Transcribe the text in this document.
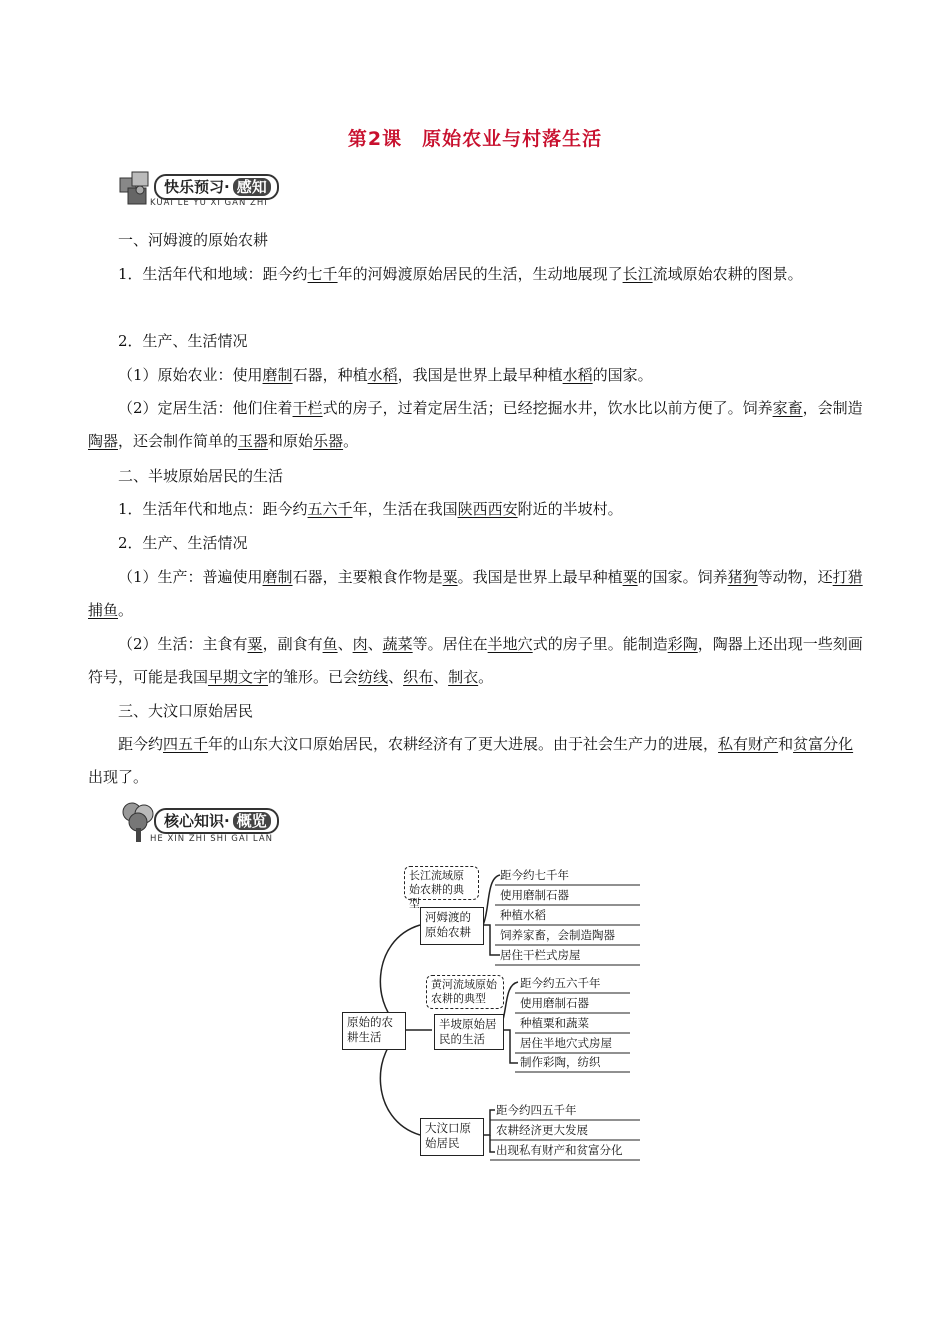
第2课　原始农业与村落生活
快乐预习· 感知
KUAI LE YU XI GAN ZHI
一、河姆渡的原始农耕
1．生活年代和地域：距今约七千年的河姆渡原始居民的生活，生动地展现了长江流域原始农耕的图景。
2．生产、生活情况
（1）原始农业：使用磨制石器，种植水稻，我国是世界上最早种植水稻的国家。
（2）定居生活：他们住着干栏式的房子，过着定居生活；已经挖掘水井，饮水比以前方便了。饲养家畜，会制造陶器，还会制作简单的玉器和原始乐器。
二、半坡原始居民的生活
1．生活年代和地点：距今约五六千年，生活在我国陕西西安附近的半坡村。
2．生产、生活情况
（1）生产：普遍使用磨制石器，主要粮食作物是粟。我国是世界上最早种植粟的国家。饲养猪狗等动物，还打猎捕鱼。
（2）生活：主食有粟，副食有鱼、肉、蔬菜等。居住在半地穴式的房子里。能制造彩陶，陶器上还出现一些刻画符号，可能是我国早期文字的雏形。已会纺线、织布、制衣。
三、大汶口原始居民
距今约四五千年的山东大汶口原始居民，农耕经济有了更大进展。由于社会生产力的进展，私有财产和贫富分化出现了。
核心知识· 概览
HE XIN ZHI SHI GAI LAN
原始的农耕生活
长江流域原始农耕的典型
河姆渡的原始农耕
距今约七千年
使用磨制石器
种植水稻
饲养家畜，会制造陶器
居住干栏式房屋
黄河流域原始农耕的典型
半坡原始居民的生活
距今约五六千年
使用磨制石器
种植粟和蔬菜
居住半地穴式房屋
制作彩陶，纺织
大汶口原始居民
距今约四五千年
农耕经济更大发展
出现私有财产和贫富分化
